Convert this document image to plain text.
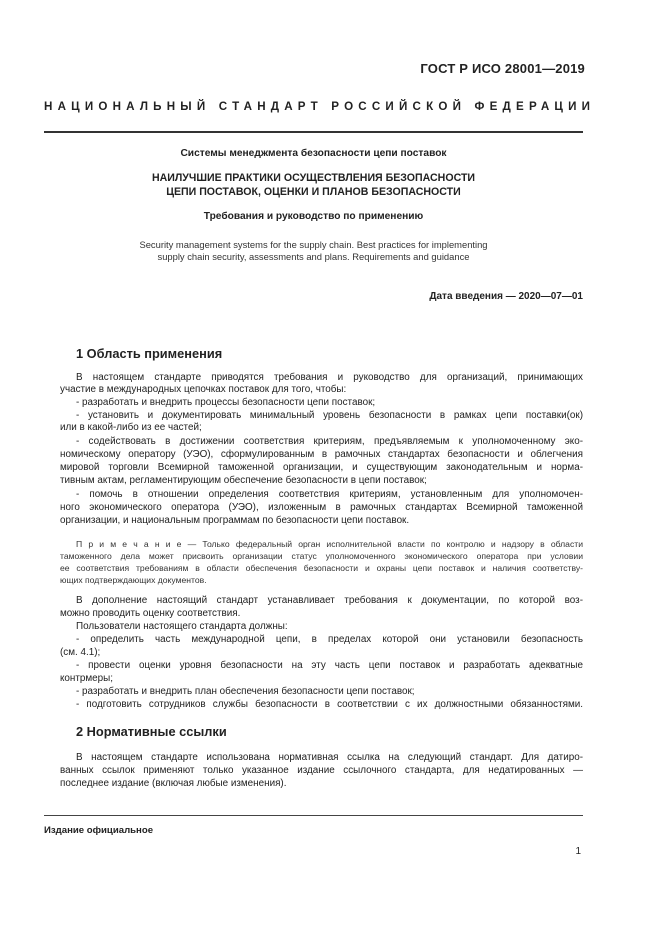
ГОСТ Р ИСО 28001—2019
НАЦИОНАЛЬНЫЙ СТАНДАРТ РОССИЙСКОЙ ФЕДЕРАЦИИ
Системы менеджмента безопасности цепи поставок
НАИЛУЧШИЕ ПРАКТИКИ ОСУЩЕСТВЛЕНИЯ БЕЗОПАСНОСТИ
ЦЕПИ ПОСТАВОК, ОЦЕНКИ И ПЛАНОВ БЕЗОПАСНОСТИ
Требования и руководство по применению
Security management systems for the supply chain. Best practices for implementing
supply chain security, assessments and plans. Requirements and guidance
Дата введения — 2020—07—01
1 Область применения
В настоящем стандарте приводятся требования и руководство для организаций, принимающих
участие в международных цепочках поставок для того, чтобы:
- разработать и внедрить процессы безопасности цепи поставок;
- установить и документировать минимальный уровень безопасности в рамках цепи поставки(ок)
или в какой-либо из ее частей;
- содействовать в достижении соответствия критериям, предъявляемым к уполномоченному эко-
номическому оператору (УЭО), сформулированным в рамочных стандартах безопасности и облегчения
мировой торговли Всемирной таможенной организации, и существующим законодательным и норма-
тивным актам, регламентирующим обеспечение безопасности в цепи поставок;
- помочь в отношении определения соответствия критериям, установленным для уполномочен-
ного экономического оператора (УЭО), изложенным в рамочных стандартах Всемирной таможенной
организации, и национальным программам по безопасности цепи поставок.
П р и м е ч а н и е — Только федеральный орган исполнительной власти по контролю и надзору в области
таможенного дела может присвоить организации статус уполномоченного экономического оператора при условии
ее соответствия требованиям в области обеспечения безопасности и охраны цепи поставок и наличия соответству-
ющих подтверждающих документов.
В дополнение настоящий стандарт устанавливает требования к документации, по которой воз-
можно проводить оценку соответствия.
Пользователи настоящего стандарта должны:
- определить часть международной цепи, в пределах которой они установили безопасность
(см. 4.1);
- провести оценки уровня безопасности на эту часть цепи поставок и разработать адекватные
контрмеры;
- разработать и внедрить план обеспечения безопасности цепи поставок;
- подготовить сотрудников службы безопасности в соответствии с их должностными обязанностями.
2 Нормативные ссылки
В настоящем стандарте использована нормативная ссылка на следующий стандарт. Для датиро-
ванных ссылок применяют только указанное издание ссылочного стандарта, для недатированных —
последнее издание (включая любые изменения).
Издание официальное
1
